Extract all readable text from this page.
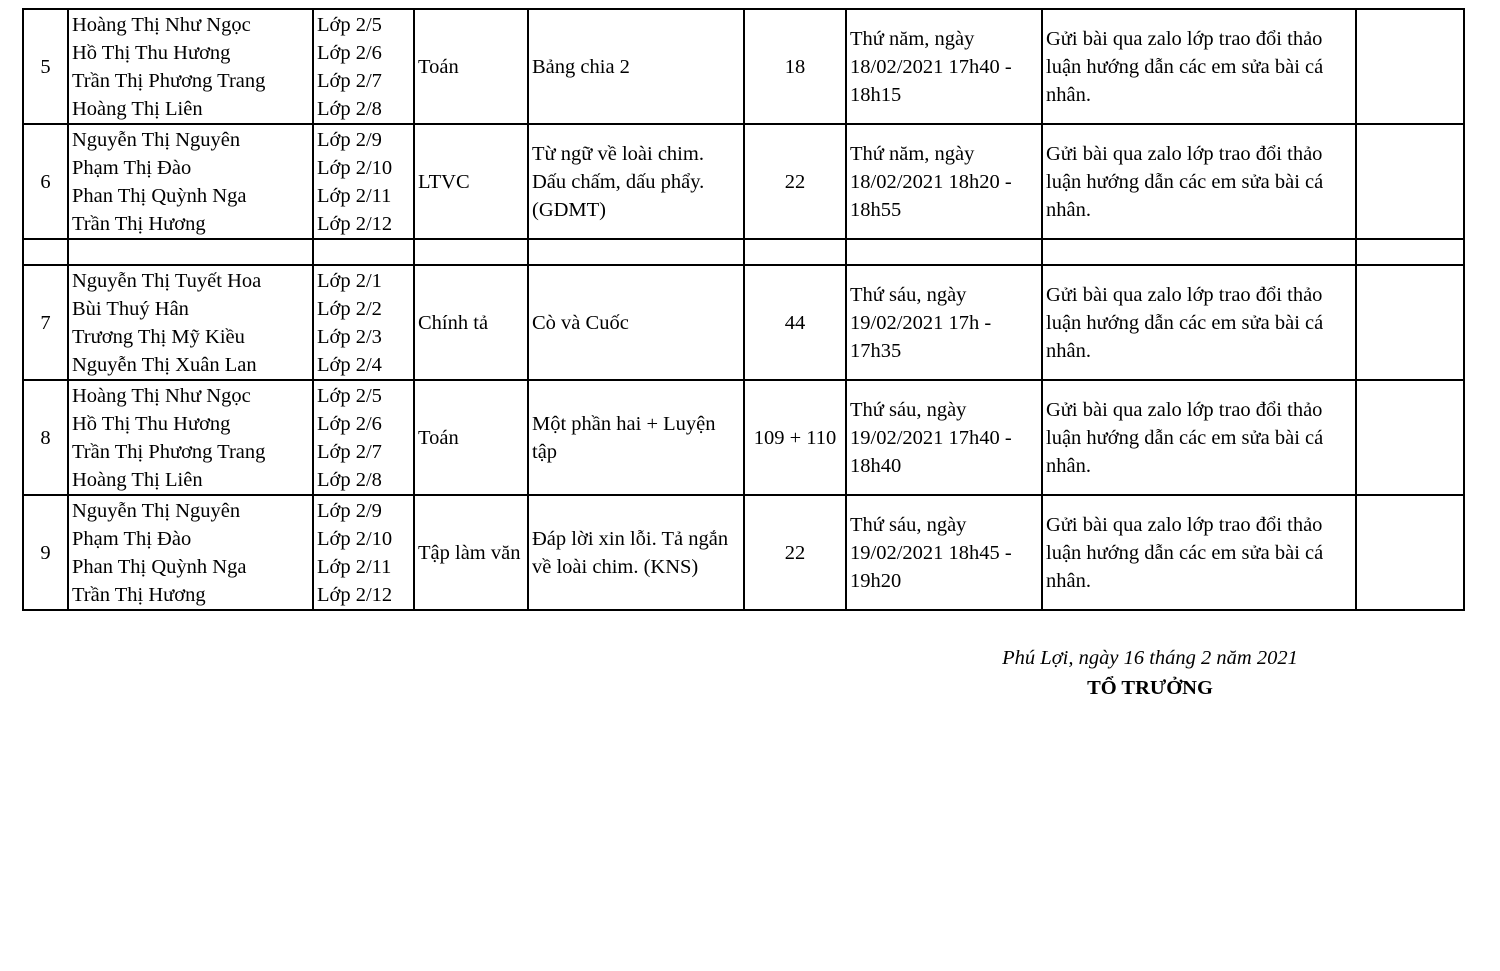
5	Hoàng Thị Như Ngọc
Hồ Thị Thu Hương
Trần Thị Phương Trang
Hoàng Thị Liên	Lớp 2/5
Lớp 2/6
Lớp 2/7
Lớp 2/8	Toán	Bảng chia 2	18	Thứ năm, ngày 18/02/2021 17h40 - 18h15	Gửi bài qua zalo lớp trao đổi thảo luận hướng dẫn các em sửa bài cá nhân.	
6	Nguyễn Thị Nguyên
Phạm Thị Đào
Phan Thị Quỳnh Nga
Trần Thị Hương	Lớp 2/9
Lớp 2/10
Lớp 2/11
Lớp 2/12	LTVC	Từ ngữ về loài chim. Dấu chấm, dấu phẩy. (GDMT)	22	Thứ năm, ngày 18/02/2021 18h20 - 18h55	Gửi bài qua zalo lớp trao đổi thảo luận hướng dẫn các em sửa bài cá nhân.	

7	Nguyễn Thị Tuyết Hoa
Bùi Thuý Hân
Trương Thị Mỹ Kiều
Nguyễn Thị Xuân Lan	Lớp 2/1
Lớp 2/2
Lớp 2/3
Lớp 2/4	Chính tả	Cò và Cuốc	44	Thứ sáu, ngày 19/02/2021 17h - 17h35	Gửi bài qua zalo lớp trao đổi thảo luận hướng dẫn các em sửa bài cá nhân.	
8	Hoàng Thị Như Ngọc
Hồ Thị Thu Hương
Trần Thị Phương Trang
Hoàng Thị Liên	Lớp 2/5
Lớp 2/6
Lớp 2/7
Lớp 2/8	Toán	Một phần hai + Luyện tập	109 + 110	Thứ sáu, ngày 19/02/2021 17h40 - 18h40	Gửi bài qua zalo lớp trao đổi thảo luận hướng dẫn các em sửa bài cá nhân.	
9	Nguyễn Thị Nguyên
Phạm Thị Đào
Phan Thị Quỳnh Nga
Trần Thị Hương	Lớp 2/9
Lớp 2/10
Lớp 2/11
Lớp 2/12	Tập làm văn	Đáp lời xin lỗi. Tả ngắn về loài chim. (KNS)	22	Thứ sáu, ngày 19/02/2021 18h45 - 19h20	Gửi bài qua zalo lớp trao đổi thảo luận hướng dẫn các em sửa bài cá nhân.	
Phú Lợi, ngày 16 tháng 2 năm 2021
TỔ TRƯỞNG
